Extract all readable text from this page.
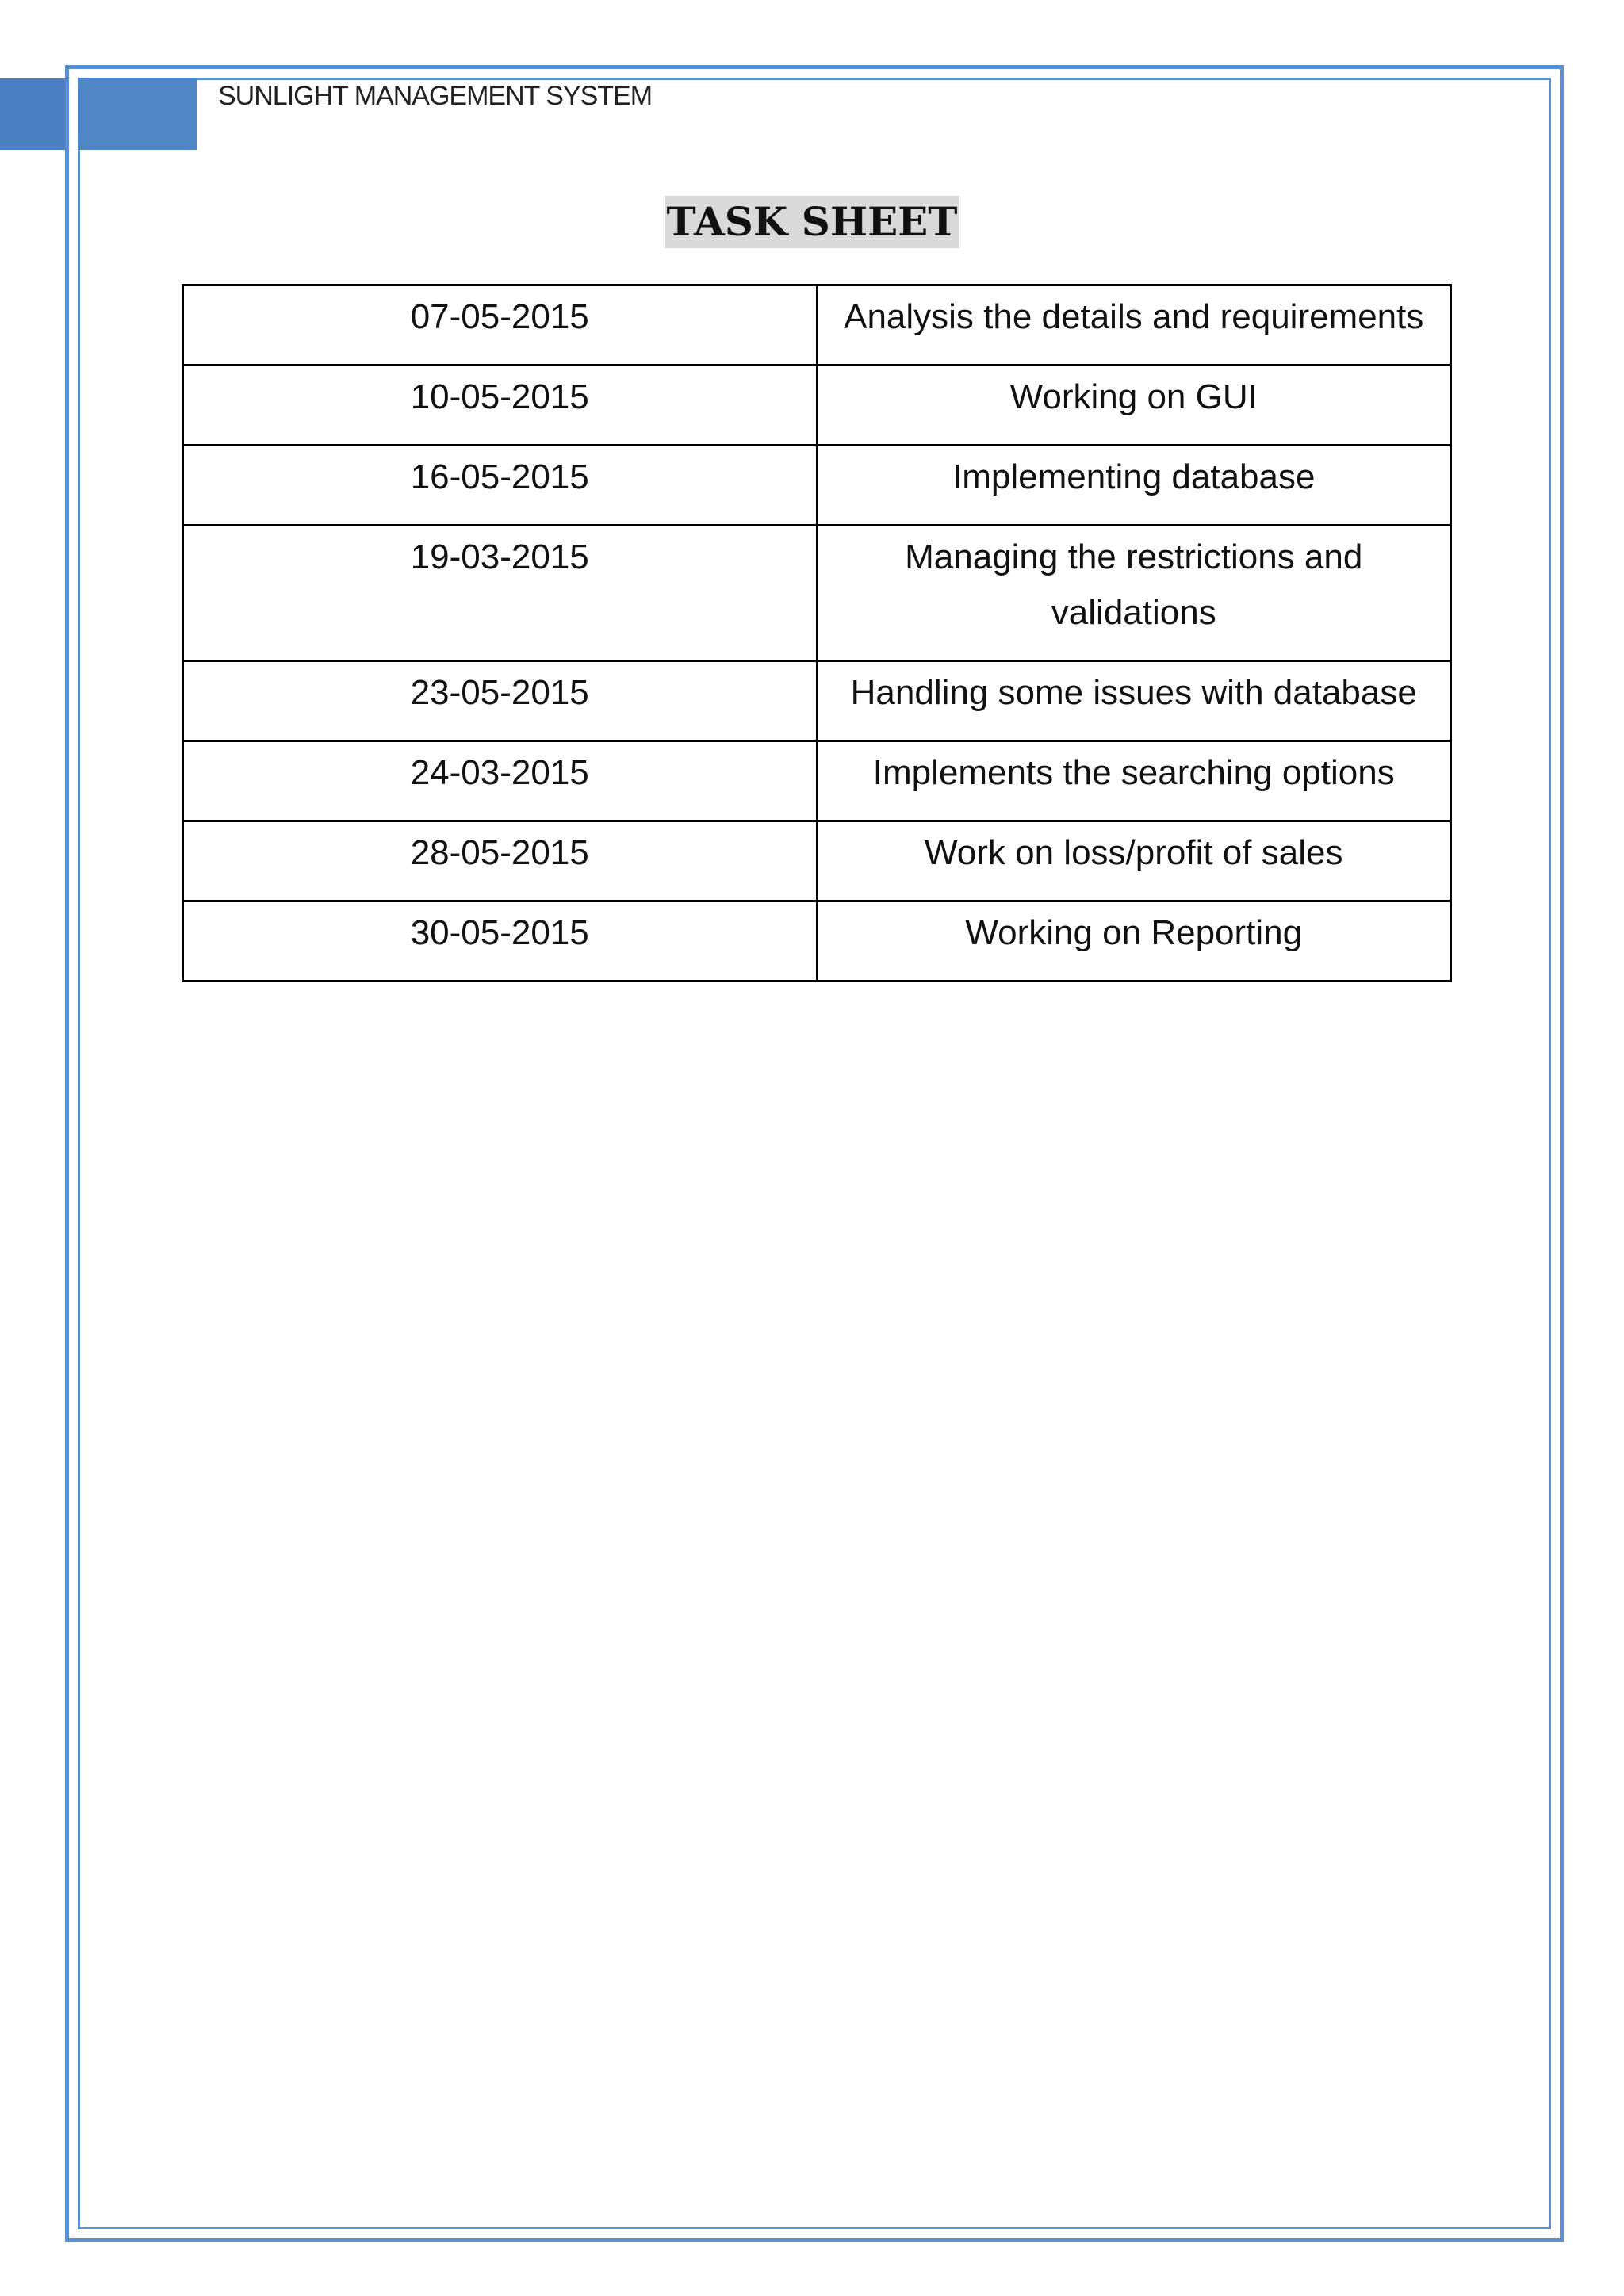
SUNLIGHT MANAGEMENT SYSTEM
TASK SHEET
07-05-2015	Analysis the details and requirements
10-05-2015	Working on GUI
16-05-2015	Implementing database
19-03-2015	Managing the restrictions and validations
23-05-2015	Handling some issues with database
24-03-2015	Implements the searching options
28-05-2015	Work on loss/profit of sales
30-05-2015	Working on Reporting
